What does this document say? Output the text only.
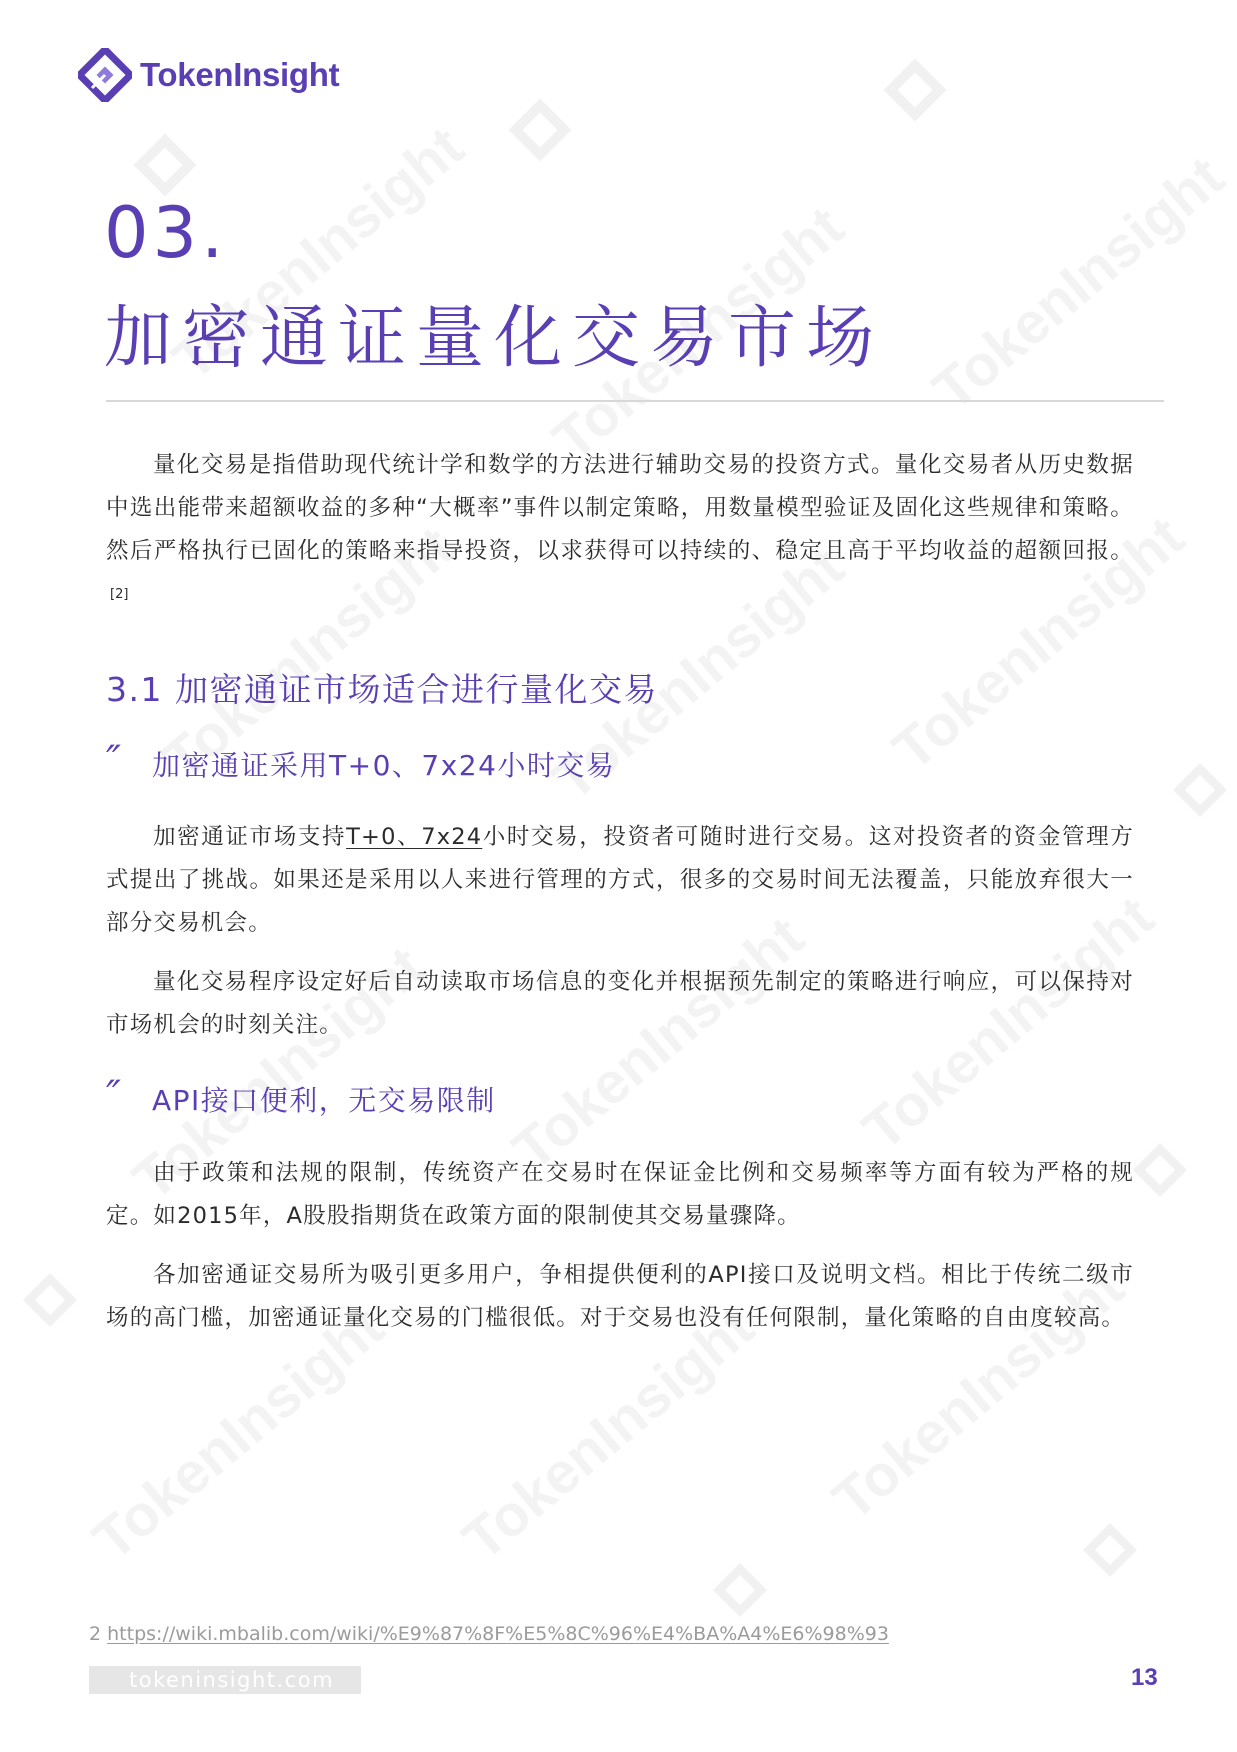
TokenInsight
03.
加密通证量化交易市场

量化交易是指借助现代统计学和数学的方法进行辅助交易的投资方式。量化交易者从历史数据中选出能带来超额收益的多种“大概率”事件以制定策略，用数量模型验证及固化这些规律和策略。然后严格执行已固化的策略来指导投资，以求获得可以持续的、稳定且高于平均收益的超额回报。[2]

3.1 加密通证市场适合进行量化交易
″	加密通证采用T+0、7x24小时交易

加密通证市场支持T+0、7x24小时交易，投资者可随时进行交易。这对投资者的资金管理方式提出了挑战。如果还是采用以人来进行管理的方式，很多的交易时间无法覆盖，只能放弃很大一部分交易机会。

量化交易程序设定好后自动读取市场信息的变化并根据预先制定的策略进行响应，可以保持对市场机会的时刻关注。

″	API接口便利，无交易限制

由于政策和法规的限制，传统资产在交易时在保证金比例和交易频率等方面有较为严格的规定。如2015年，A股股指期货在政策方面的限制使其交易量骤降。

各加密通证交易所为吸引更多用户，争相提供便利的API接口及说明文档。相比于传统二级市场的高门槛，加密通证量化交易的门槛很低。对于交易也没有任何限制，量化策略的自由度较高。

2 https://wiki.mbalib.com/wiki/%E9%87%8F%E5%8C%96%E4%BA%A4%E6%98%93
tokeninsight.com	13
